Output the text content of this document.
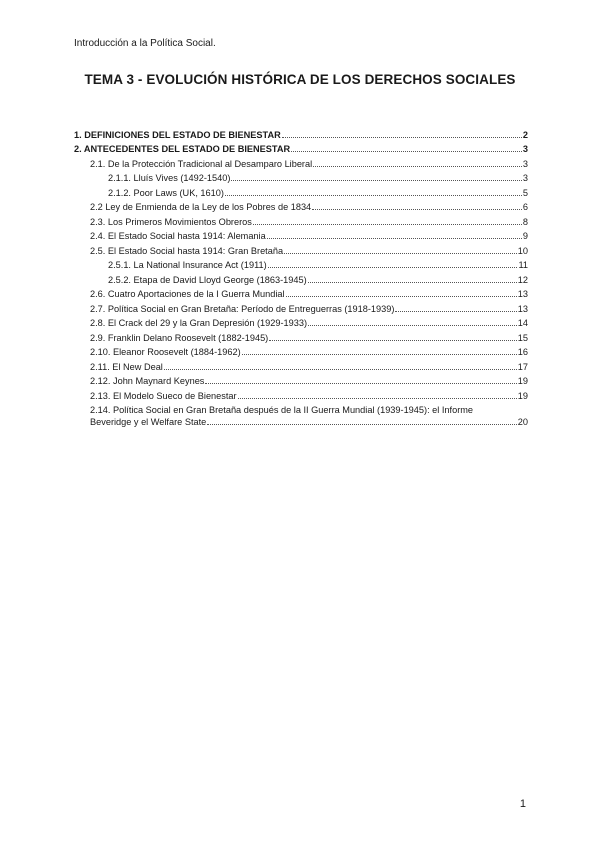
Introducción a la Política Social.
TEMA 3 - EVOLUCIÓN HISTÓRICA DE LOS DERECHOS SOCIALES
1. DEFINICIONES DEL ESTADO DE BIENESTAR	2
2. ANTECEDENTES DEL ESTADO DE BIENESTAR	3
2.1. De la Protección Tradicional al Desamparo Liberal	3
2.1.1. Lluís Vives (1492-1540)	3
2.1.2. Poor Laws (UK, 1610)	5
2.2 Ley de Enmienda de la Ley de los Pobres de 1834	6
2.3. Los Primeros Movimientos Obreros	8
2.4. El Estado Social hasta 1914: Alemania	9
2.5. El Estado Social hasta 1914: Gran Bretaña	10
2.5.1. La National Insurance Act (1911)	11
2.5.2. Etapa de David Lloyd George (1863-1945)	12
2.6. Cuatro Aportaciones de la I Guerra Mundial	13
2.7. Política Social en Gran Bretaña: Período de Entreguerras (1918-1939)	13
2.8. El Crack del 29 y la Gran Depresión (1929-1933)	14
2.9. Franklin Delano Roosevelt (1882-1945)	15
2.10. Eleanor Roosevelt (1884-1962)	16
2.11. El New Deal	17
2.12. John Maynard Keynes	19
2.13. El Modelo Sueco de Bienestar	19
2.14. Política Social en Gran Bretaña después de la II Guerra Mundial (1939-1945): el Informe
Beveridge y el Welfare State	20
1
